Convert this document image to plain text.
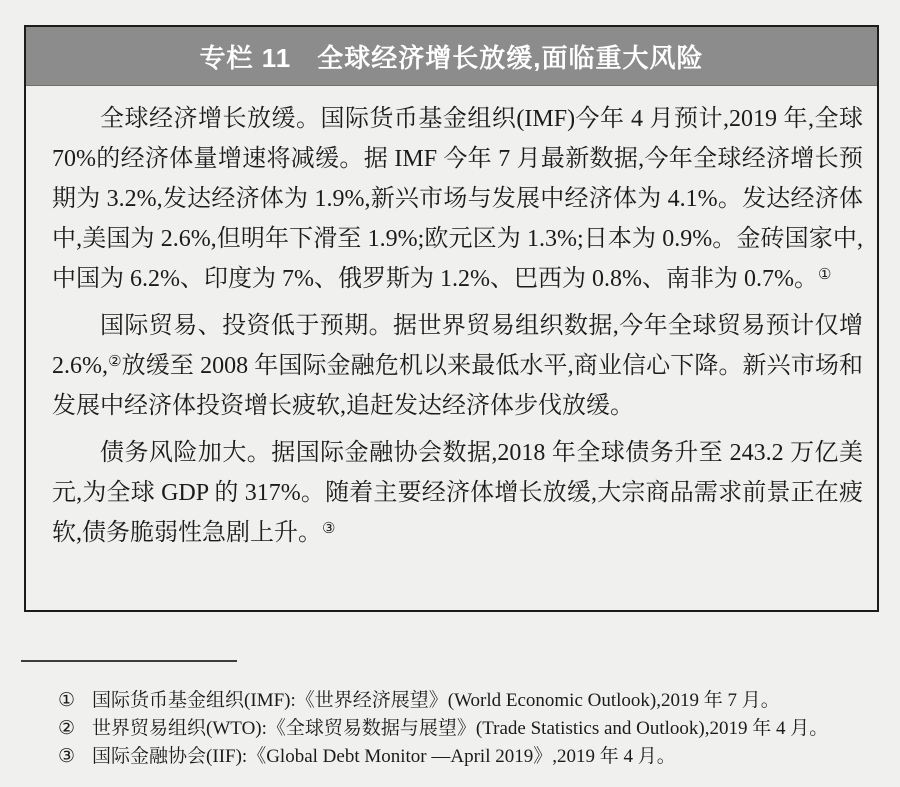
专栏 11 全球经济增长放缓,面临重大风险

全球经济增长放缓。国际货币基金组织(IMF)今年 4 月预计,2019 年,全球 70%的经济体量增速将减缓。据 IMF 今年 7 月最新数据,今年全球经济增长预期为 3.2%,发达经济体为 1.9%,新兴市场与发展中经济体为 4.1%。发达经济体中,美国为 2.6%,但明年下滑至 1.9%;欧元区为 1.3%;日本为 0.9%。金砖国家中,中国为 6.2%、印度为 7%、俄罗斯为 1.2%、巴西为 0.8%、南非为 0.7%。①

国际贸易、投资低于预期。据世界贸易组织数据,今年全球贸易预计仅增 2.6%,②放缓至 2008 年国际金融危机以来最低水平,商业信心下降。新兴市场和发展中经济体投资增长疲软,追赶发达经济体步伐放缓。

债务风险加大。据国际金融协会数据,2018 年全球债务升至 243.2 万亿美元,为全球 GDP 的 317%。随着主要经济体增长放缓,大宗商品需求前景正在疲软,债务脆弱性急剧上升。③

① 国际货币基金组织(IMF):《世界经济展望》(World Economic Outlook),2019 年 7 月。
② 世界贸易组织(WTO):《全球贸易数据与展望》(Trade Statistics and Outlook),2019 年 4 月。
③ 国际金融协会(IIF):《Global Debt Monitor —April 2019》,2019 年 4 月。
